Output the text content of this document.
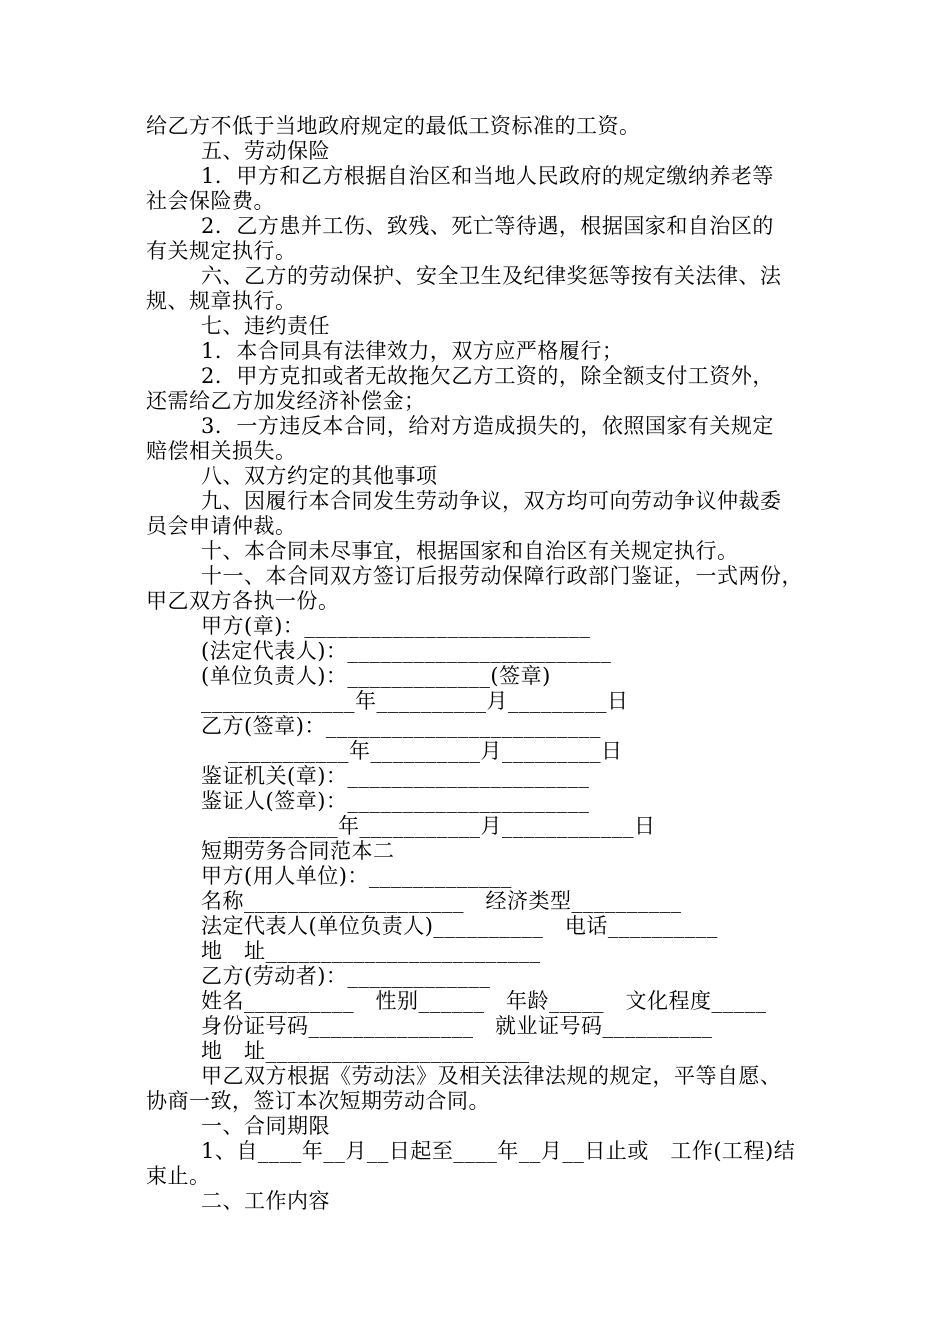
给乙方不低于当地政府规定的最低工资标准的工资。
五、劳动保险
1．甲方和乙方根据自治区和当地人民政府的规定缴纳养老等
社会保险费。
2．乙方患并工伤、致残、死亡等待遇，根据国家和自治区的
有关规定执行。
六、乙方的劳动保护、安全卫生及纪律奖惩等按有关法律、法
规、规章执行。
七、违约责任
1．本合同具有法律效力，双方应严格履行；
2．甲方克扣或者无故拖欠乙方工资的，除全额支付工资外，
还需给乙方加发经济补偿金；
3．一方违反本合同，给对方造成损失的，依照国家有关规定
赔偿相关损失。
八、双方约定的其他事项
九、因履行本合同发生劳动争议，双方均可向劳动争议仲裁委
员会申请仲裁。
十、本合同未尽事宜，根据国家和自治区有关规定执行。
十一、本合同双方签订后报劳动保障行政部门鉴证，一式两份，
甲乙双方各执一份。
甲方(章)：__________________________
(法定代表人)：________________________
(单位负责人)：_____________(签章)
______________年__________月_________日
乙方(签章)：_________________________
___________年__________月_________日
鉴证机关(章)：______________________
鉴证人(签章)：______________________
__________年___________月____________日
短期劳务合同范本二
甲方(用人单位)：_____________
名称____________________　经济类型__________
法定代表人(单位负责人)__________　电话__________
地　址_________________________
乙方(劳动者)：_____________
姓名__________　性别______　年龄_____　文化程度_____
身份证号码_______________　就业证号码__________
地　址________________________
甲乙双方根据《劳动法》及相关法律法规的规定，平等自愿、
协商一致，签订本次短期劳动合同。
一、合同期限
1、自____年__月__日起至____年__月__日止或　工作(工程)结
束止。
二、工作内容
